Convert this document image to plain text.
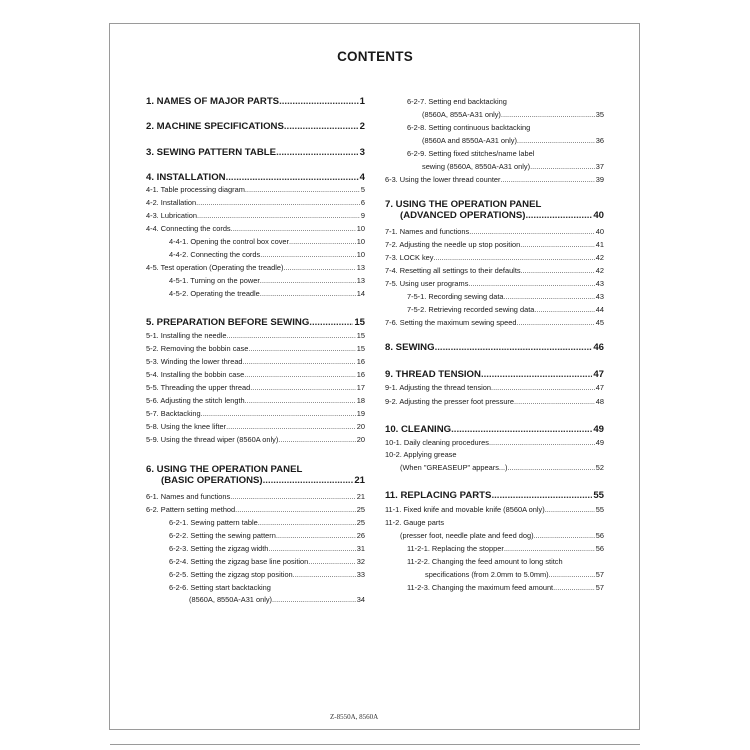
CONTENTS
1. NAMES OF MAJOR PARTS .....	1
2. MACHINE SPECIFICATIONS .....	2
3. SEWING PATTERN TABLE .....	3
4. INSTALLATION .....	4
4-1. Table processing diagram .....	5
4-2. Installation .....	6
4-3. Lubrication .....	9
4-4. Connecting the cords .....	10
4-4-1. Opening the control box cover .....	10
4-4-2. Connecting the cords .....	10
4-5. Test operation (Operating the treadle) .....	13
4-5-1. Turning on the power .....	13
4-5-2. Operating the treadle .....	14
5. PREPARATION BEFORE SEWING .....	15
5-1. Installing the needle .....	15
5-2. Removing the bobbin case .....	15
5-3. Winding the lower thread .....	16
5-4. Installing the bobbin case .....	16
5-5. Threading the upper thread .....	17
5-6. Adjusting the stitch length .....	18
5-7. Backtacking .....	19
5-8. Using the knee lifter .....	20
5-9. Using the thread wiper (8560A only) .....	20
6. USING THE OPERATION PANEL
(BASIC OPERATIONS) .....	21
6-1. Names and functions .....	21
6-2. Pattern setting method .....	25
6-2-1. Sewing pattern table .....	25
6-2-2. Setting the sewing pattern .....	26
6-2-3. Setting the zigzag width .....	31
6-2-4. Setting the zigzag base line position .....	32
6-2-5. Setting the zigzag stop position .....	33
6-2-6. Setting start backtacking
(8560A, 8550A-A31 only) .....	34
6-2-7. Setting end backtacking
(8560A, 855A-A31 only) .....	35
6-2-8. Setting continuous backtacking
(8560A and 8550A-A31 only) .....	36
6-2-9. Setting fixed stitches/name label
sewing (8560A, 8550A-A31 only) .....	37
6-3. Using the lower thread counter .....	39
7. USING THE OPERATION PANEL
(ADVANCED OPERATIONS) .....	40
7-1. Names and functions .....	40
7-2. Adjusting the needle up stop position .....	41
7-3. LOCK key .....	42
7-4. Resetting all settings to their defaults .....	42
7-5. Using user programs .....	43
7-5-1. Recording sewing data .....	43
7-5-2. Retrieving recorded sewing data .....	44
7-6. Setting the maximum sewing speed .....	45
8. SEWING .....	46
9. THREAD TENSION .....	47
9-1. Adjusting the thread tension .....	47
9-2. Adjusting the presser foot pressure .....	48
10. CLEANING .....	49
10-1. Daily cleaning procedures .....	49
10-2. Applying grease
(When "GREASEUP" appears...) .....	52
11. REPLACING PARTS .....	55
11-1. Fixed knife and movable knife (8560A only) .....	55
11-2. Gauge parts
(presser foot, needle plate and feed dog) .....	56
11-2-1. Replacing the stopper .....	56
11-2-2. Changing the feed amount to long stitch
specifications (from 2.0mm to 5.0mm) .....	57
11-2-3. Changing the maximum feed amount .....	57
Z-8550A, 8560A
